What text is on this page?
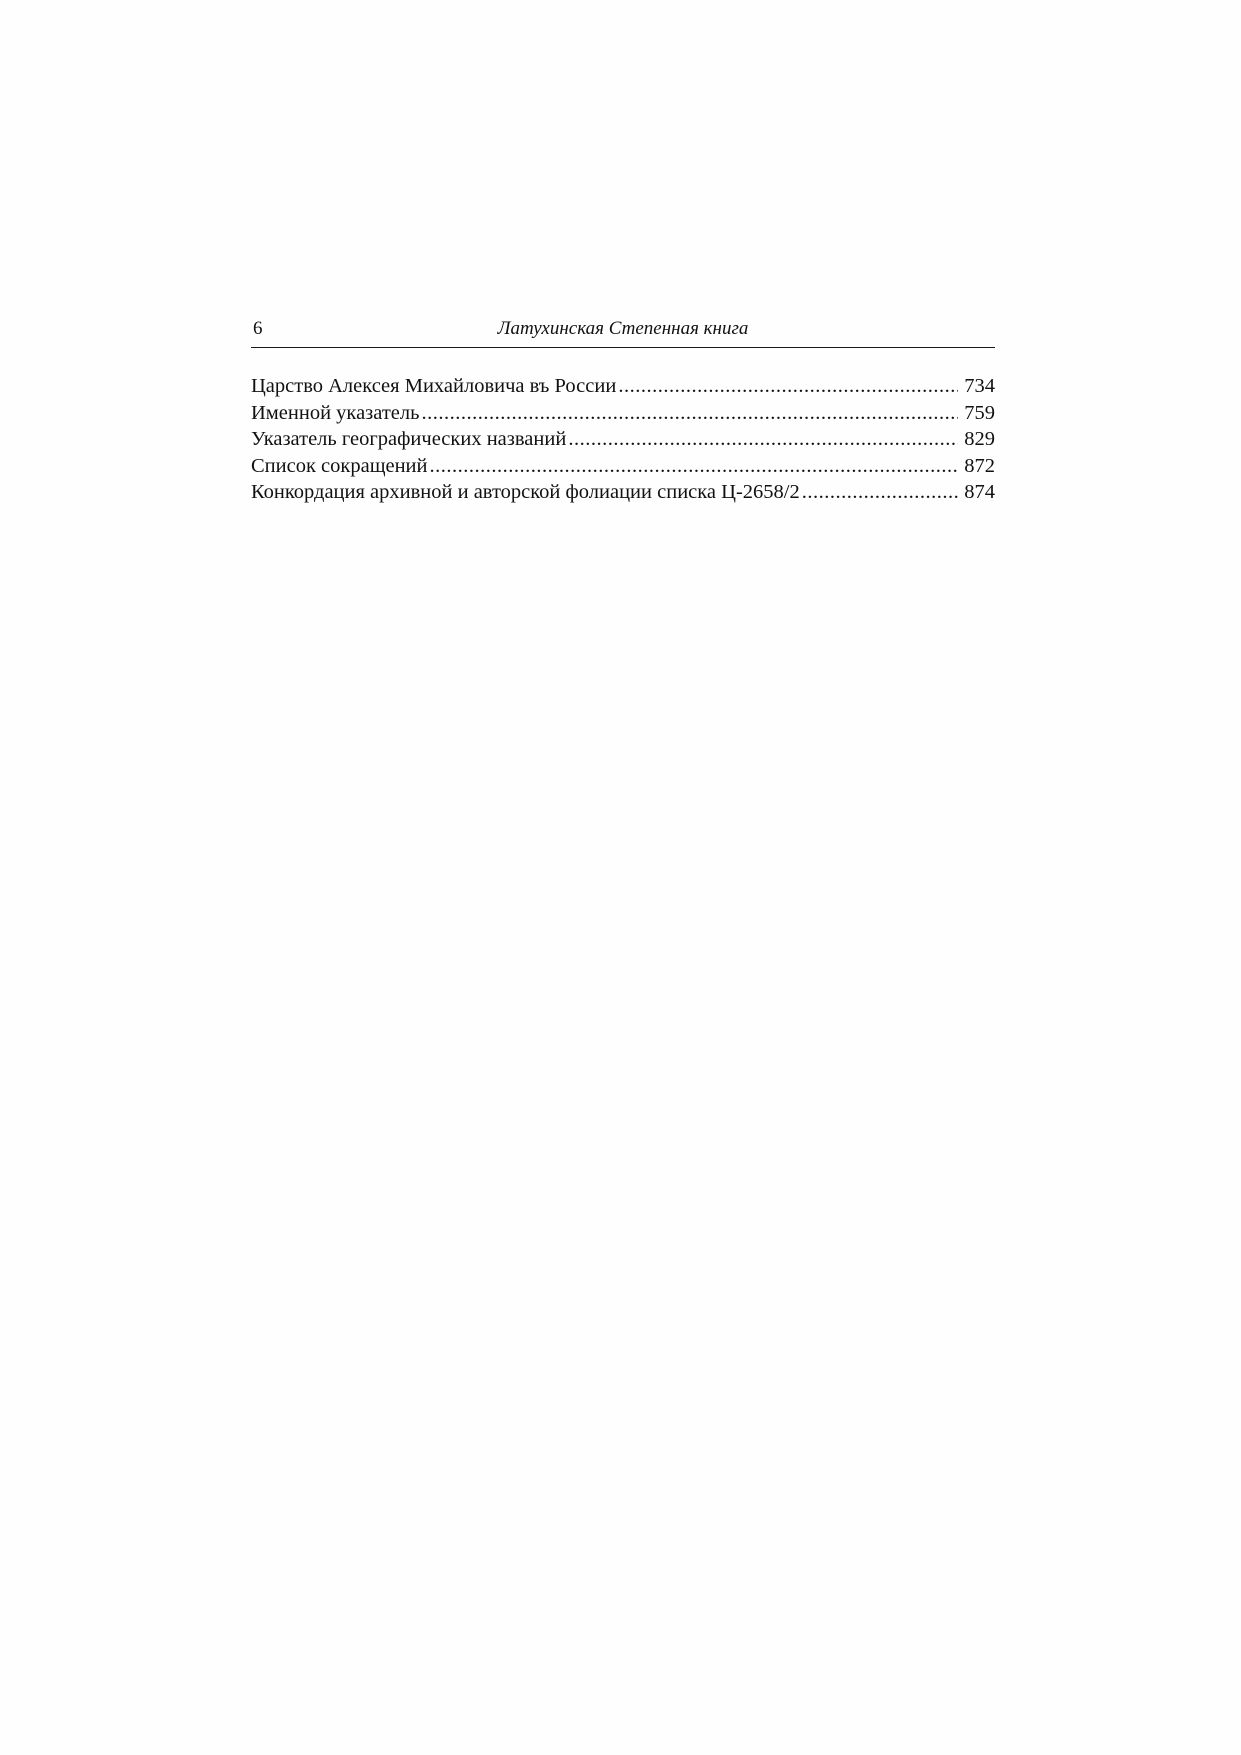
6	Латухинская Степенная книга
Царство Алексея Михайловича въ России .....	734
Именной указатель .....	759
Указатель географических названий .....	829
Список сокращений .....	872
Конкордация архивной и авторской фолиации списка Ц-2658/2 .....	874
